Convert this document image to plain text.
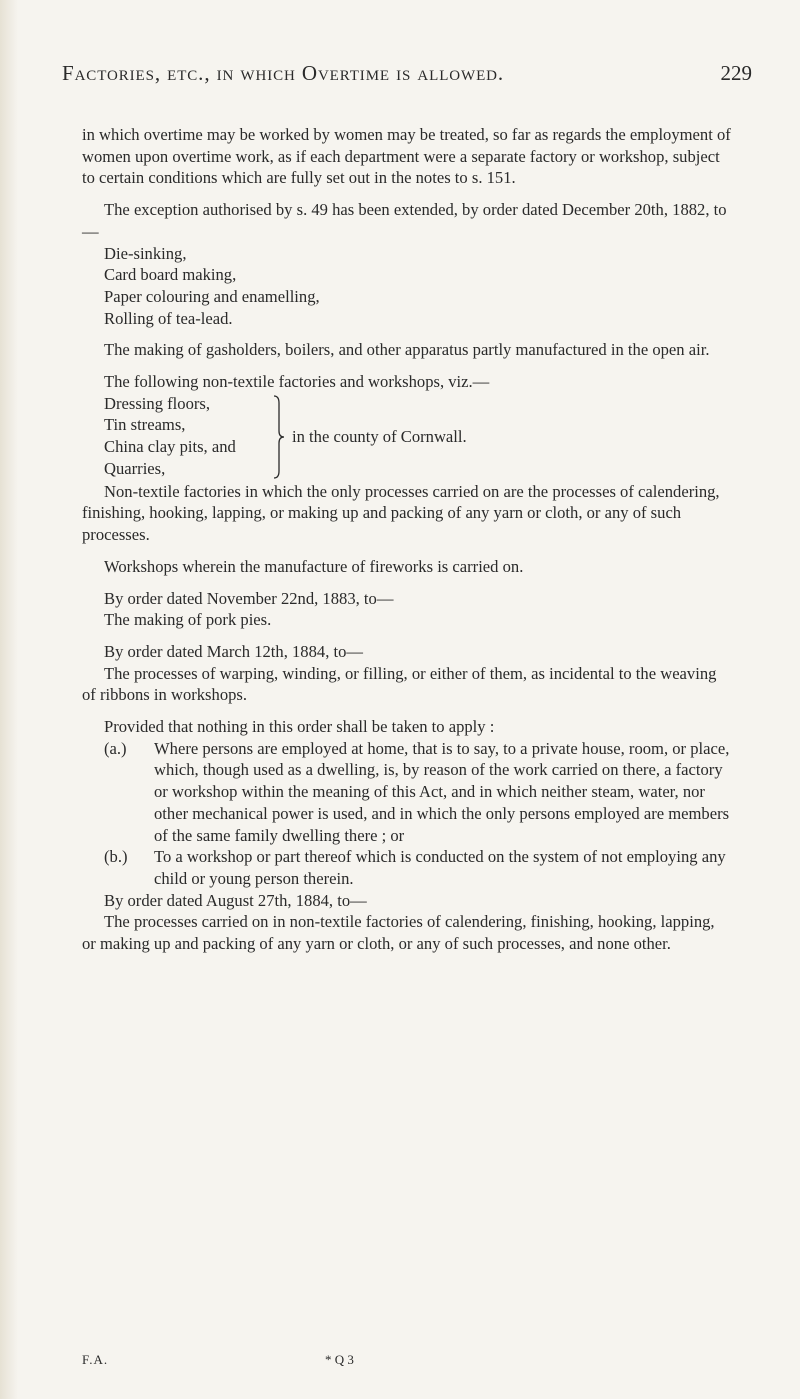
Factories, etc., in which Overtime is allowed.	229

in which overtime may be worked by women may be treated, so far as regards the employment of women upon overtime work, as if each department were a separate factory or workshop, subject to certain conditions which are fully set out in the notes to s. 151.

The exception authorised by s. 49 has been extended, by order dated December 20th, 1882, to—

Die-sinking,
Card board making,
Paper colouring and enamelling,
Rolling of tea-lead.

The making of gasholders, boilers, and other apparatus partly manufactured in the open air.

The following non-textile factories and workshops, viz.—

Dressing floors,
Tin streams,
China clay pits, and
Quarries,
in the county of Cornwall.

Non-textile factories in which the only processes carried on are the processes of calendering, finishing, hooking, lapping, or making up and packing of any yarn or cloth, or any of such processes.

Workshops wherein the manufacture of fireworks is carried on.

By order dated November 22nd, 1883, to—

The making of pork pies.

By order dated March 12th, 1884, to—

The processes of warping, winding, or filling, or either of them, as incidental to the weaving of ribbons in workshops.

Provided that nothing in this order shall be taken to apply :

(a.)	Where persons are employed at home, that is to say, to a private house, room, or place, which, though used as a dwelling, is, by reason of the work carried on there, a factory or workshop within the meaning of this Act, and in which neither steam, water, nor other mechanical power is used, and in which the only persons employed are members of the same family dwelling there ; or
(b.)	To a workshop or part thereof which is conducted on the system of not employing any child or young person therein.

By order dated August 27th, 1884, to—

The processes carried on in non-textile factories of calendering, finishing, hooking, lapping, or making up and packing of any yarn or cloth, or any of such processes, and none other.

F.A.	* Q 3
